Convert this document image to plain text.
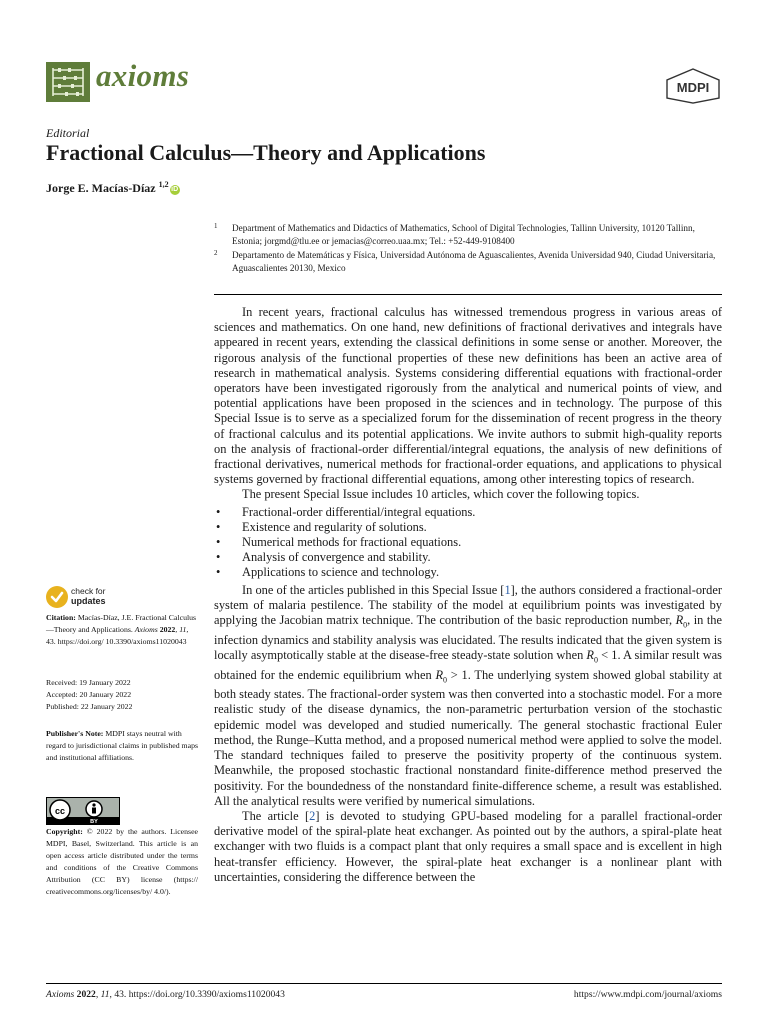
axioms	MDPI
Editorial
Fractional Calculus—Theory and Applications
Jorge E. Macías-Díaz $^{1,2}$iD
1 Department of Mathematics and Didactics of Mathematics, School of Digital Technologies, Tallinn University, 10120 Tallinn, Estonia; jorgmd@tlu.ee or jemacias@correo.uaa.mx; Tel.: +52-449-9108400
2 Departamento de Matemáticas y Física, Universidad Autónoma de Aguascalientes, Avenida Universidad 940, Ciudad Universitaria, Aguascalientes 20130, Mexico

In recent years, fractional calculus has witnessed tremendous progress in various areas of sciences and mathematics. On one hand, new definitions of fractional derivatives and integrals have appeared in recent years, extending the classical definitions in some sense or another. Moreover, the rigorous analysis of the functional properties of these new definitions has been an active area of research in mathematical analysis. Systems considering differential equations with fractional-order operators have been investigated rigorously from the analytical and numerical points of view, and potential applications have been proposed in the sciences and in technology. The purpose of this Special Issue is to serve as a specialized forum for the dissemination of recent progress in the theory of fractional calculus and its potential applications. We invite authors to submit high-quality reports on the analysis of fractional-order differential/integral equations, the analysis of new definitions of fractional derivatives, numerical methods for fractional-order equations, and applications to physical systems governed by fractional differential equations, among other interesting topics of research.

The present Special Issue includes 10 articles, which cover the following topics.

• Fractional-order differential/integral equations.
• Existence and regularity of solutions.
• Numerical methods for fractional equations.
• Analysis of convergence and stability.
• Applications to science and technology.

In one of the articles published in this Special Issue [1], the authors considered a fractional-order system of malaria pestilence. The stability of the model at equilibrium points was investigated by applying the Jacobian matrix technique. The contribution of the basic reproduction number, $R_0$, in the infection dynamics and stability analysis was elucidated. The results indicated that the given system is locally asymptotically stable at the disease-free steady-state solution when $R_0 < 1$. A similar result was obtained for the endemic equilibrium when $R_0 > 1$. The underlying system showed global stability at both steady states. The fractional-order system was then converted into a stochastic model. For a more realistic study of the disease dynamics, the non-parametric perturbation version of the stochastic epidemic model was developed and studied numerically. The general stochastic fractional Euler method, the Runge–Kutta method, and a proposed numerical method were applied to solve the model. The standard techniques failed to preserve the positivity property of the continuous system. Meanwhile, the proposed stochastic fractional nonstandard finite-difference method preserved the positivity. For the boundedness of the nonstandard finite-difference scheme, a result was established. All the analytical results were verified by numerical simulations.

The article [2] is devoted to studying GPU-based modeling for a parallel fractional-order derivative model of the spiral-plate heat exchanger. As pointed out by the authors, a spiral-plate heat exchanger with two fluids is a compact plant that only requires a small space and is excellent in high heat-transfer efficiency. However, the spiral-plate heat exchanger is a nonlinear plant with uncertainties, considering the difference between the

check for
updates
Citation: Macías-Díaz, J.E. Fractional Calculus—Theory and Applications. Axioms 2022, 11, 43. https://doi.org/ 10.3390/axioms11020043
Received: 19 January 2022
Accepted: 20 January 2022
Published: 22 January 2022
Publisher's Note: MDPI stays neutral with regard to jurisdictional claims in published maps and institutional affiliations.
cc
BY
Copyright: © 2022 by the authors. Licensee MDPI, Basel, Switzerland. This article is an open access article distributed under the terms and conditions of the Creative Commons Attribution (CC BY) license (https:// creativecommons.org/licenses/by/ 4.0/).
Axioms 2022, 11, 43. https://doi.org/10.3390/axioms11020043	https://www.mdpi.com/journal/axioms
